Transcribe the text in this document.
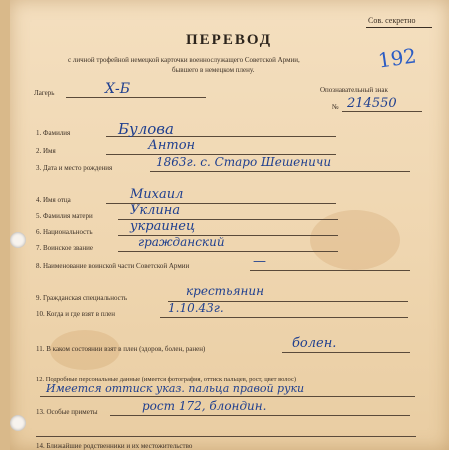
Сов. секретно
ПЕРЕВОД
с личной трофейной немецкой карточки военнослужащего Советской Армии,
бывшего в немецком плену.	192
Лагерь	Х-Б	Опознавательный знак
№ 214550
1. Фамилия	Булова
2. Имя	Антон
3. Дата и место рождения	1863г. с. Старо Шешеничи
4. Имя отца	Михаил
5. Фамилия матери	Уклина
6. Национальность	украинец
7. Воинское звание	гражданский
8. Наименование воинской части Советской Армии	—
9. Гражданская специальность	крестьянин
10. Когда и где взят в плен	1.10.43г.
11. В каком состоянии взят в плен (здоров, болен, ранен)	болен.
12. Подробные персональные данные (имеется фотография, оттиск пальцев, рост, цвет волос)
Имеется оттиск указ. пальца правой руки
13. Особые приметы	рост 172, блондин.
14. Ближайшие родственники и их местожительство
